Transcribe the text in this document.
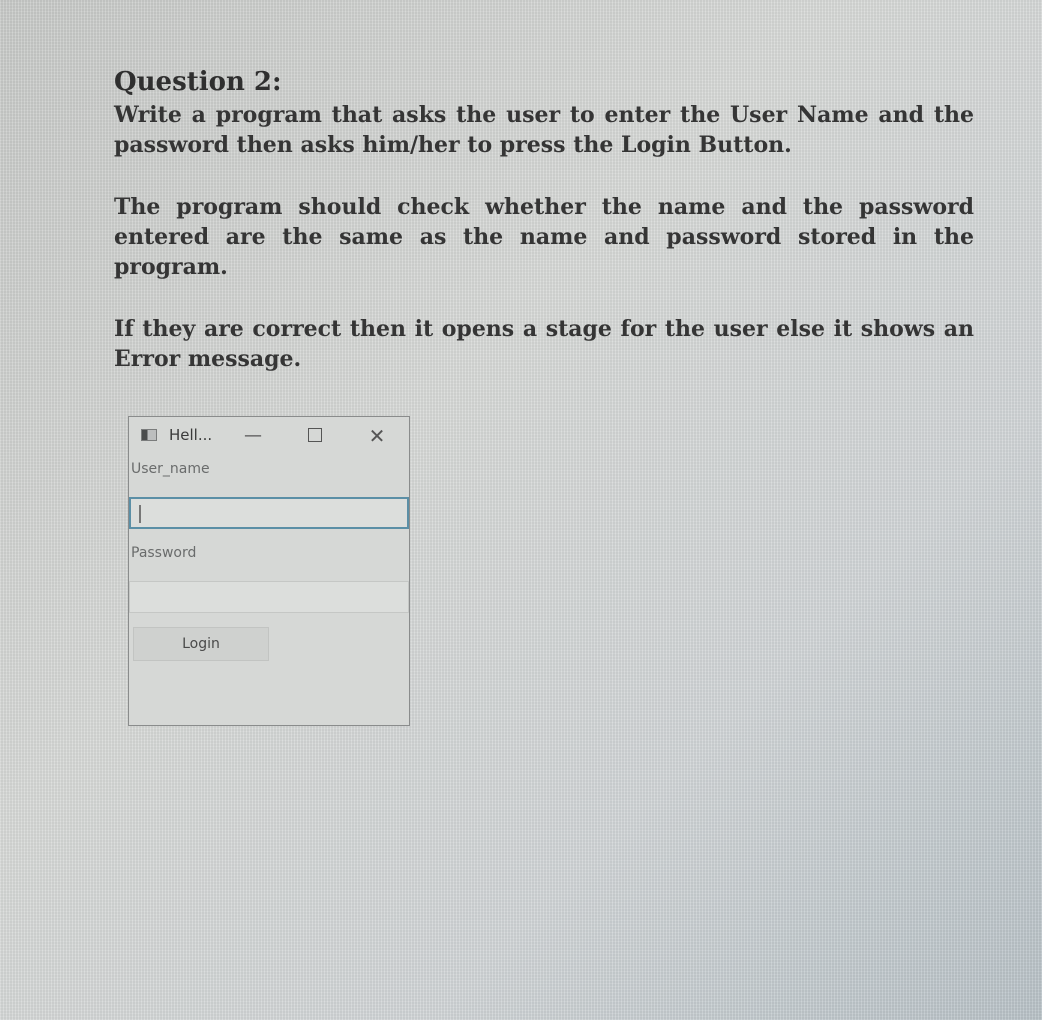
Question 2:

Write a program that asks the user to enter the User Name and the password then asks him/her to press the Login Button.

The program should check whether the name and the password entered are the same as the name and password stored in the program.

If they are correct then it opens a stage for the user else it shows an Error message.

Hell...	—	✕
User_name
Password
Login
